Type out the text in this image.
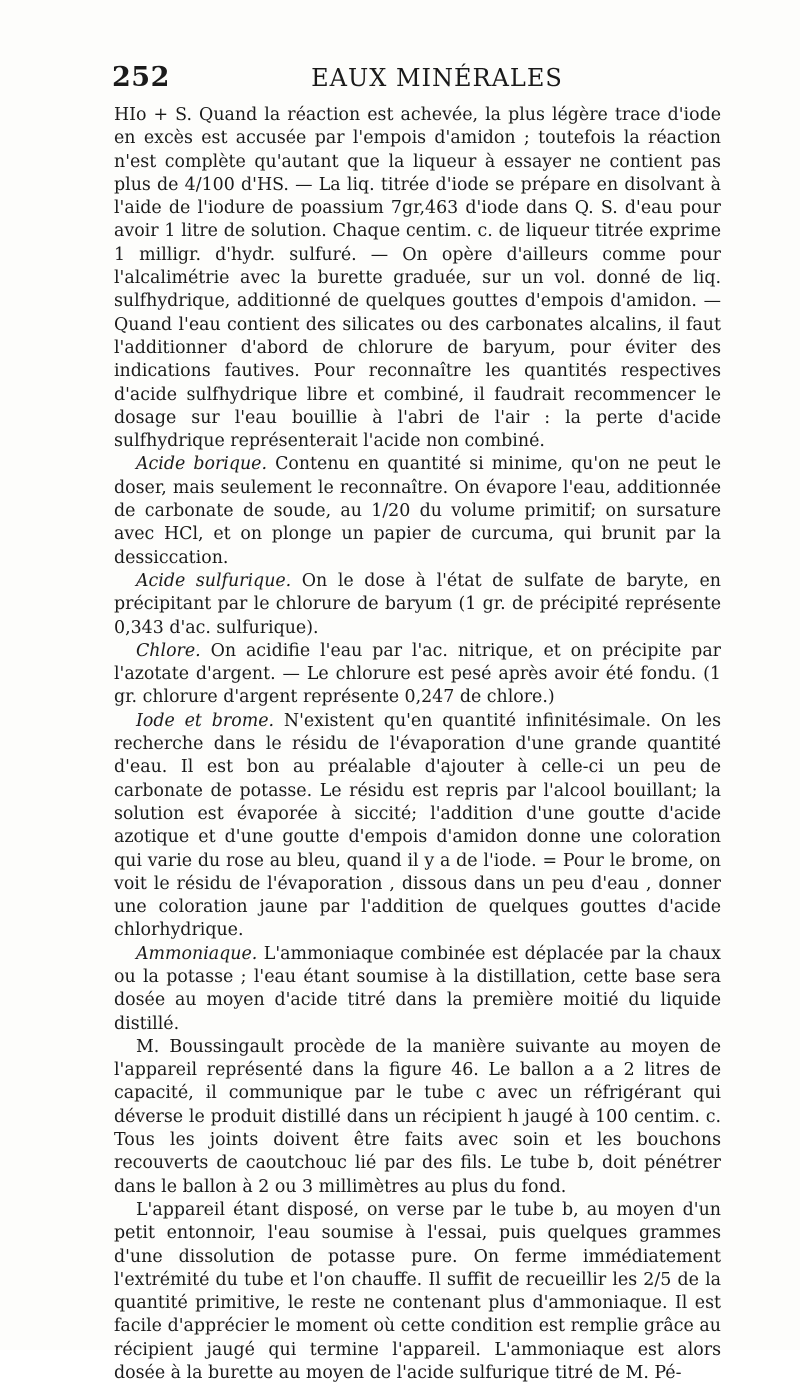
252	EAUX MINÉRALES

HIo + S. Quand la réaction est achevée, la plus légère trace d'iode en excès est accusée par l'empois d'amidon ; toutefois la réaction n'est complète qu'autant que la liqueur à essayer ne contient pas plus de 4/100 d'HS. — La liq. titrée d'iode se prépare en disolvant à l'aide de l'iodure de poassium 7gr,463 d'iode dans Q. S. d'eau pour avoir 1 litre de solution. Chaque centim. c. de liqueur titrée exprime 1 milligr. d'hydr. sulfuré. — On opère d'ailleurs comme pour l'alcalimétrie avec la burette graduée, sur un vol. donné de liq. sulfhydrique, additionné de quelques gouttes d'empois d'amidon. — Quand l'eau contient des silicates ou des carbonates alcalins, il faut l'additionner d'abord de chlorure de baryum, pour éviter des indications fautives. Pour reconnaître les quantités respectives d'acide sulfhydrique libre et combiné, il faudrait recommencer le dosage sur l'eau bouillie à l'abri de l'air : la perte d'acide sulfhydrique représenterait l'acide non combiné.

Acide borique. Contenu en quantité si minime, qu'on ne peut le doser, mais seulement le reconnaître. On évapore l'eau, additionnée de carbonate de soude, au 1/20 du volume primitif; on sursature avec HCl, et on plonge un papier de curcuma, qui brunit par la dessiccation.

Acide sulfurique. On le dose à l'état de sulfate de baryte, en précipitant par le chlorure de baryum (1 gr. de précipité représente 0,343 d'ac. sulfurique).

Chlore. On acidifie l'eau par l'ac. nitrique, et on précipite par l'azotate d'argent. — Le chlorure est pesé après avoir été fondu. (1 gr. chlorure d'argent représente 0,247 de chlore.)

Iode et brome. N'existent qu'en quantité infinitésimale. On les recherche dans le résidu de l'évaporation d'une grande quantité d'eau. Il est bon au préalable d'ajouter à celle-ci un peu de carbonate de potasse. Le résidu est repris par l'alcool bouillant; la solution est évaporée à siccité; l'addition d'une goutte d'acide azotique et d'une goutte d'empois d'amidon donne une coloration qui varie du rose au bleu, quand il y a de l'iode. = Pour le brome, on voit le résidu de l'évaporation , dissous dans un peu d'eau , donner une coloration jaune par l'addition de quelques gouttes d'acide chlorhydrique.

Ammoniaque. L'ammoniaque combinée est déplacée par la chaux ou la potasse ; l'eau étant soumise à la distillation, cette base sera dosée au moyen d'acide titré dans la première moitié du liquide distillé.

M. Boussingault procède de la manière suivante au moyen de l'appareil représenté dans la figure 46. Le ballon a a 2 litres de capacité, il communique par le tube c avec un réfrigérant qui déverse le produit distillé dans un récipient h jaugé à 100 centim. c. Tous les joints doivent être faits avec soin et les bouchons recouverts de caoutchouc lié par des fils. Le tube b, doit pénétrer dans le ballon à 2 ou 3 millimètres au plus du fond.

L'appareil étant disposé, on verse par le tube b, au moyen d'un petit entonnoir, l'eau soumise à l'essai, puis quelques grammes d'une dissolution de potasse pure. On ferme immédiatement l'extrémité du tube et l'on chauffe. Il suffit de recueillir les 2/5 de la quantité primitive, le reste ne contenant plus d'ammoniaque. Il est facile d'apprécier le moment où cette condition est remplie grâce au récipient jaugé qui termine l'appareil. L'ammoniaque est alors dosée à la burette au moyen de l'acide sulfurique titré de M. Pé-
